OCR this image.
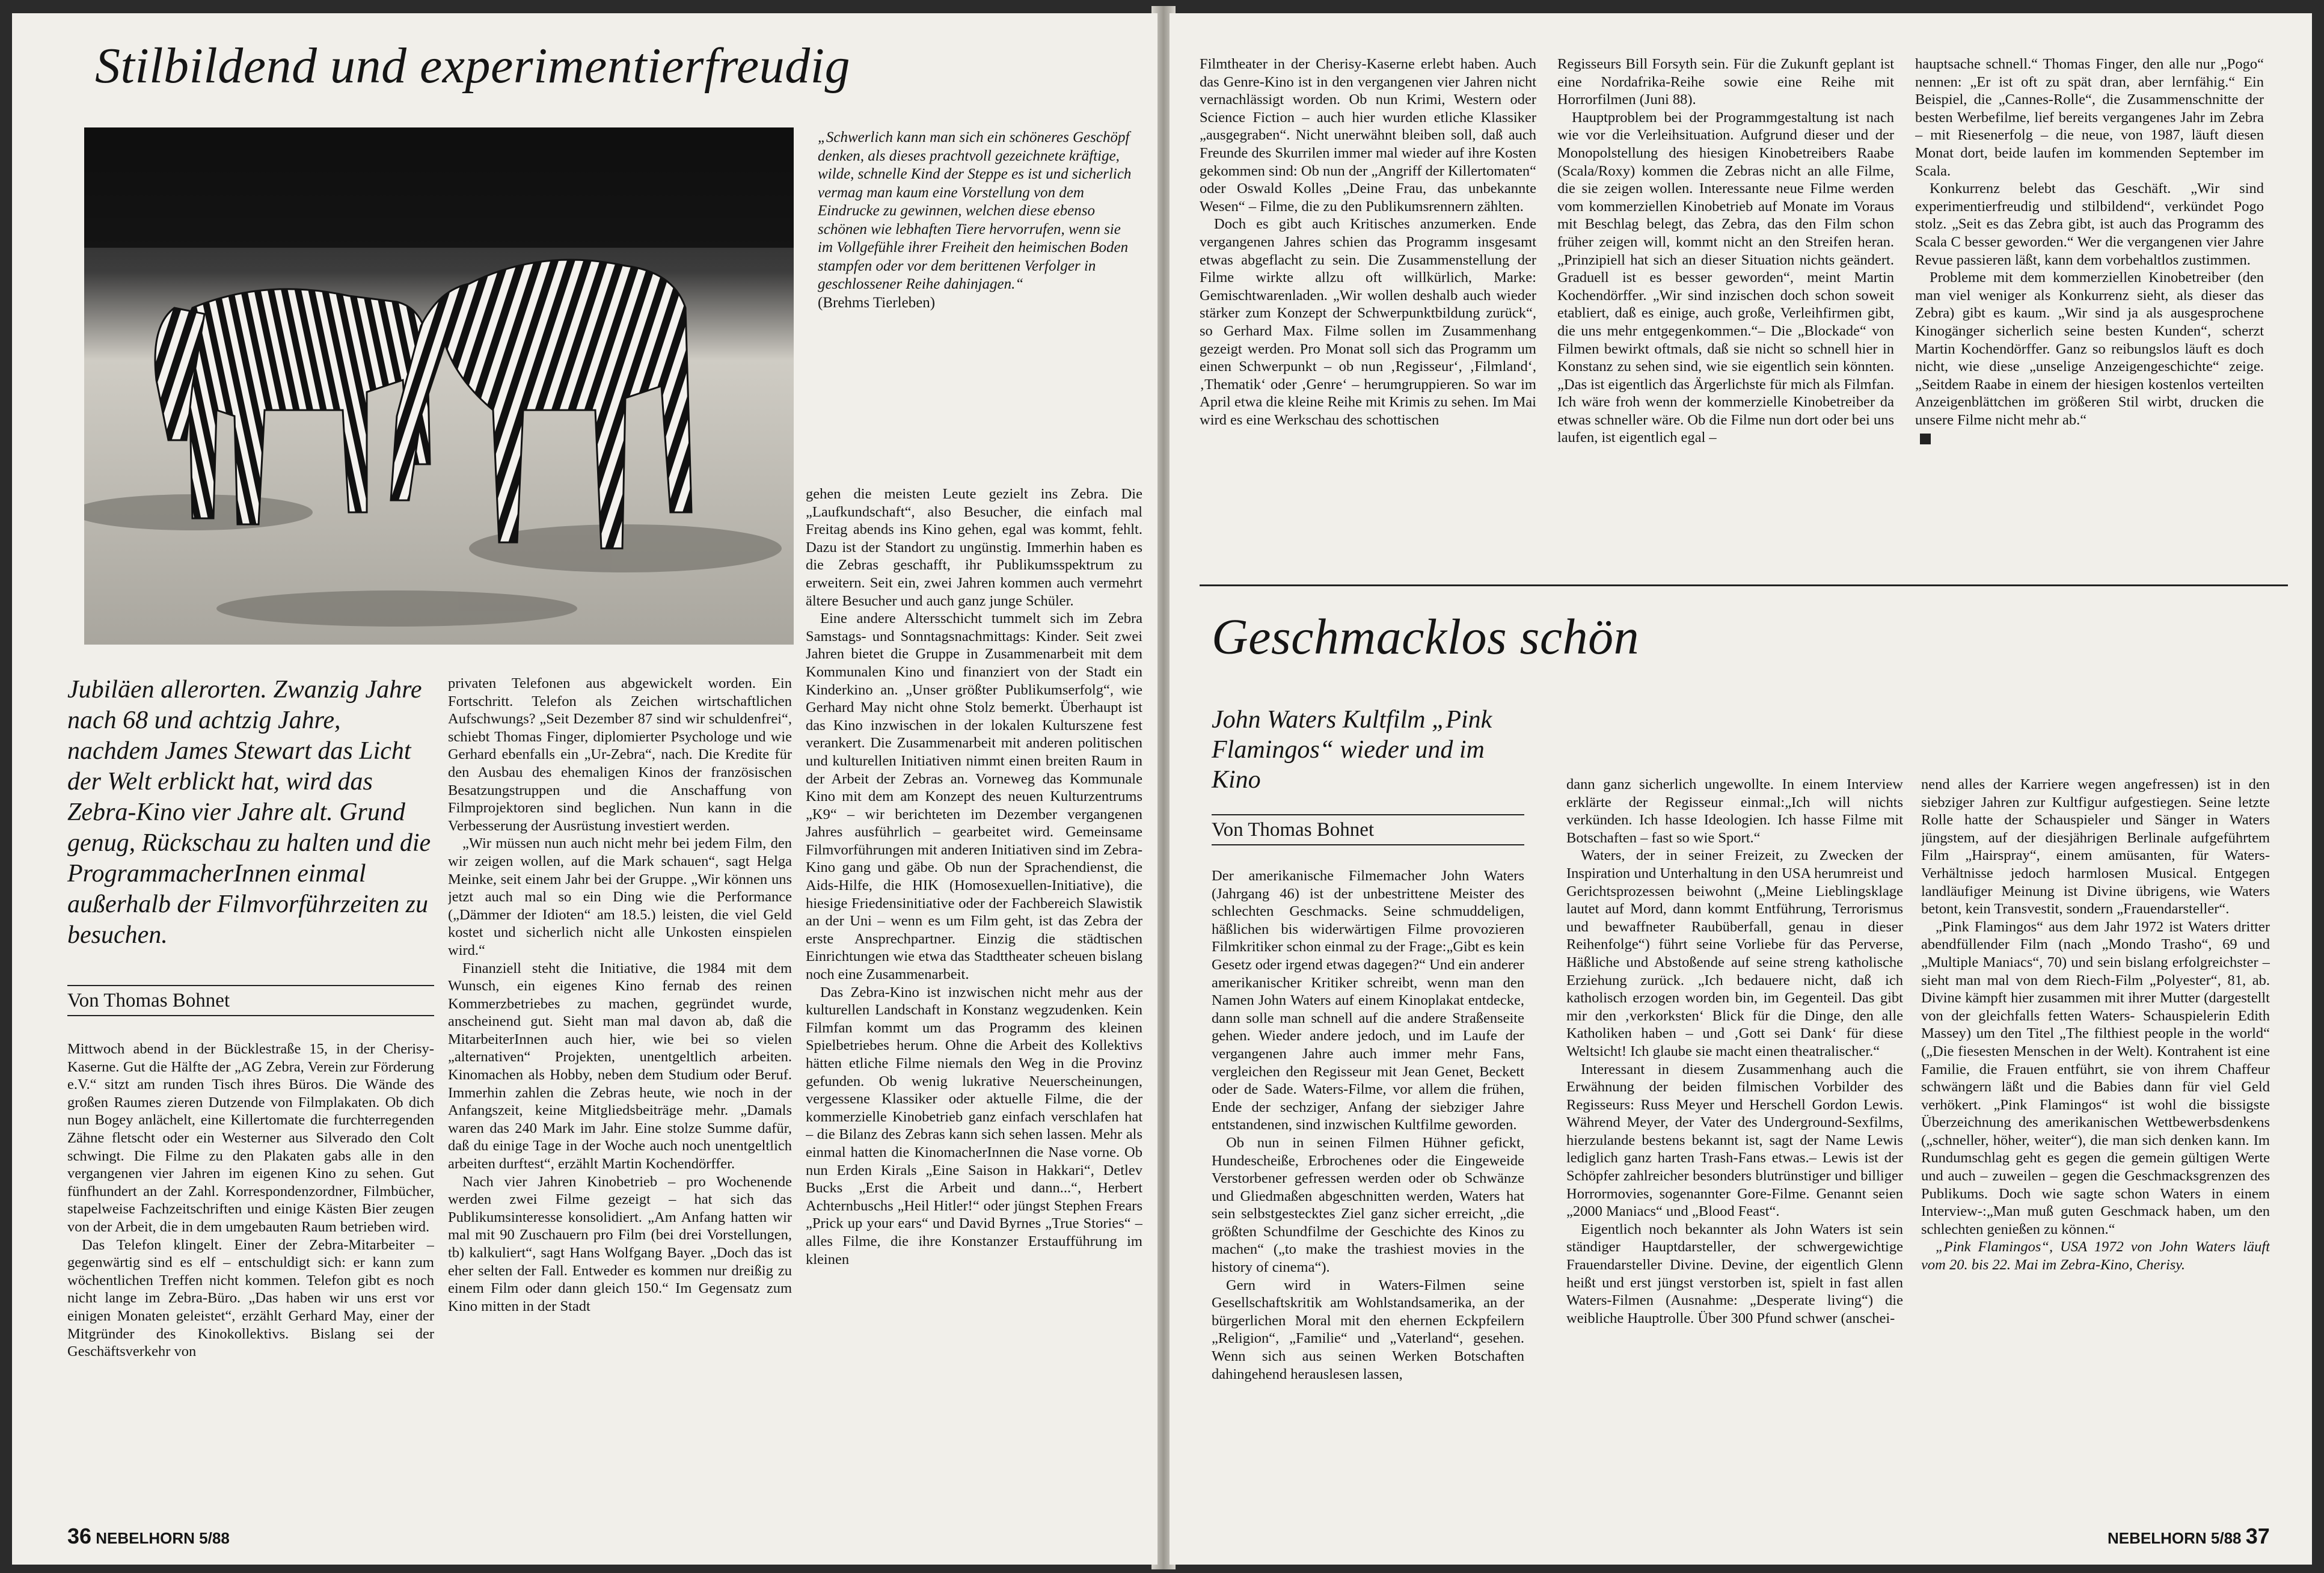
Stilbildend und experimentierfreudig
„Schwerlich kann man sich ein schöneres Geschöpf denken, als dieses prachtvoll gezeichnete kräftige, wilde, schnelle Kind der Steppe es ist und sicherlich vermag man kaum eine Vorstellung von dem Eindrucke zu gewinnen, welchen diese ebenso schönen wie lebhaften Tiere hervorrufen, wenn sie im Vollgefühle ihrer Freiheit den heimischen Boden stampfen oder vor dem berittenen Verfolger in geschlossener Reihe dahinjagen.“
(Brehms Tierleben)
Jubiläen allerorten. Zwanzig Jahre nach 68 und achtzig Jahre, nachdem James Stewart das Licht der Welt erblickt hat, wird das Zebra-Kino vier Jahre alt. Grund genug, Rückschau zu halten und die ProgrammacherInnen einmal außerhalb der Filmvorführzeiten zu besuchen.
Von Thomas Bohnet

Mittwoch abend in der Bücklestraße 15, in der Cherisy-Kaserne. Gut die Hälfte der „AG Zebra, Verein zur Förderung e.V.“ sitzt am runden Tisch ihres Büros. Die Wände des großen Raumes zieren Dutzende von Filmplakaten. Ob dich nun Bogey anlächelt, eine Killertomate die furchterregenden Zähne fletscht oder ein Westerner aus Silverado den Colt schwingt. Die Filme zu den Plakaten gabs alle in den vergangenen vier Jahren im eigenen Kino zu sehen. Gut fünfhundert an der Zahl. Korrespondenzordner, Filmbücher, stapelweise Fachzeitschriften und einige Kästen Bier zeugen von der Arbeit, die in dem umgebauten Raum betrieben wird.

Das Telefon klingelt. Einer der Zebra-Mitarbeiter – gegenwärtig sind es elf – entschuldigt sich: er kann zum wöchentlichen Treffen nicht kommen. Telefon gibt es noch nicht lange im Zebra-Büro. „Das haben wir uns erst vor einigen Monaten geleistet“, erzählt Gerhard May, einer der Mitgründer des Kinokollektivs. Bislang sei der Geschäftsverkehr von

privaten Telefonen aus abgewickelt worden. Ein Fortschritt. Telefon als Zeichen wirtschaftlichen Aufschwungs? „Seit Dezember 87 sind wir schuldenfrei“, schiebt Thomas Finger, diplomierter Psychologe und wie Gerhard ebenfalls ein „Ur-Zebra“, nach. Die Kredite für den Ausbau des ehemaligen Kinos der französischen Besatzungstruppen und die Anschaffung von Filmprojektoren sind beglichen. Nun kann in die Verbesserung der Ausrüstung investiert werden.

„Wir müssen nun auch nicht mehr bei jedem Film, den wir zeigen wollen, auf die Mark schauen“, sagt Helga Meinke, seit einem Jahr bei der Gruppe. „Wir können uns jetzt auch mal so ein Ding wie die Performance („Dämmer der Idioten“ am 18.5.) leisten, die viel Geld kostet und sicherlich nicht alle Unkosten einspielen wird.“

Finanziell steht die Initiative, die 1984 mit dem Wunsch, ein eigenes Kino fernab des reinen Kommerzbetriebes zu machen, gegründet wurde, anscheinend gut. Sieht man mal davon ab, daß die MitarbeiterInnen auch hier, wie bei so vielen „alternativen“ Projekten, unentgeltlich arbeiten. Kinomachen als Hobby, neben dem Studium oder Beruf. Immerhin zahlen die Zebras heute, wie noch in der Anfangszeit, keine Mitgliedsbeiträge mehr. „Damals waren das 240 Mark im Jahr. Eine stolze Summe dafür, daß du einige Tage in der Woche auch noch unentgeltlich arbeiten durftest“, erzählt Martin Kochendörffer.

Nach vier Jahren Kinobetrieb – pro Wochenende werden zwei Filme gezeigt – hat sich das Publikumsinteresse konsolidiert. „Am Anfang hatten wir mal mit 90 Zuschauern pro Film (bei drei Vorstellungen, tb) kalkuliert“, sagt Hans Wolfgang Bayer. „Doch das ist eher selten der Fall. Entweder es kommen nur dreißig zu einem Film oder dann gleich 150.“ Im Gegensatz zum Kino mitten in der Stadt

gehen die meisten Leute gezielt ins Zebra. Die „Laufkundschaft“, also Besucher, die einfach mal Freitag abends ins Kino gehen, egal was kommt, fehlt. Dazu ist der Standort zu ungünstig. Immerhin haben es die Zebras geschafft, ihr Publikumsspektrum zu erweitern. Seit ein, zwei Jahren kommen auch vermehrt ältere Besucher und auch ganz junge Schüler.

Eine andere Altersschicht tummelt sich im Zebra Samstags- und Sonntagsnachmittags: Kinder. Seit zwei Jahren bietet die Gruppe in Zusammenarbeit mit dem Kommunalen Kino und finanziert von der Stadt ein Kinderkino an. „Unser größter Publikumserfolg“, wie Gerhard May nicht ohne Stolz bemerkt. Überhaupt ist das Kino inzwischen in der lokalen Kulturszene fest verankert. Die Zusammenarbeit mit anderen politischen und kulturellen Initiativen nimmt einen breiten Raum in der Arbeit der Zebras an. Vorneweg das Kommunale Kino mit dem am Konzept des neuen Kulturzentrums „K9“ – wir berichteten im Dezember vergangenen Jahres ausführlich – gearbeitet wird. Gemeinsame Filmvorführungen mit anderen Initiativen sind im Zebra-Kino gang und gäbe. Ob nun der Sprachendienst, die Aids-Hilfe, die HIK (Homosexuellen-Initiative), die hiesige Friedensinitiative oder der Fachbereich Slawistik an der Uni – wenn es um Film geht, ist das Zebra der erste Ansprechpartner. Einzig die städtischen Einrichtungen wie etwa das Stadttheater scheuen bislang noch eine Zusammenarbeit.

Das Zebra-Kino ist inzwischen nicht mehr aus der kulturellen Landschaft in Konstanz wegzudenken. Kein Filmfan kommt um das Programm des kleinen Spielbetriebes herum. Ohne die Arbeit des Kollektivs hätten etliche Filme niemals den Weg in die Provinz gefunden. Ob wenig lukrative Neuerscheinungen, vergessene Klassiker oder aktuelle Filme, die der kommerzielle Kinobetrieb ganz einfach verschlafen hat – die Bilanz des Zebras kann sich sehen lassen. Mehr als einmal hatten die KinomacherInnen die Nase vorne. Ob nun Erden Kirals „Eine Saison in Hakkari“, Detlev Bucks „Erst die Arbeit und dann...“, Herbert Achternbuschs „Heil Hitler!“ oder jüngst Stephen Frears „Prick up your ears“ und David Byrnes „True Stories“ – alles Filme, die ihre Konstanzer Erstaufführung im kleinen

36 NEBELHORN 5/88

Filmtheater in der Cherisy-Kaserne erlebt haben. Auch das Genre-Kino ist in den vergangenen vier Jahren nicht vernachlässigt worden. Ob nun Krimi, Western oder Science Fiction – auch hier wurden etliche Klassiker „ausgegraben“. Nicht unerwähnt bleiben soll, daß auch Freunde des Skurrilen immer mal wieder auf ihre Kosten gekommen sind: Ob nun der „Angriff der Killertomaten“ oder Oswald Kolles „Deine Frau, das unbekannte Wesen“ – Filme, die zu den Publikumsrennern zählten.

Doch es gibt auch Kritisches anzumerken. Ende vergangenen Jahres schien das Programm insgesamt etwas abgeflacht zu sein. Die Zusammenstellung der Filme wirkte allzu oft willkürlich, Marke: Gemischtwarenladen. „Wir wollen deshalb auch wieder stärker zum Konzept der Schwerpunktbildung zurück“, so Gerhard Max. Filme sollen im Zusammenhang gezeigt werden. Pro Monat soll sich das Programm um einen Schwerpunkt – ob nun ‚Regisseur‘, ‚Filmland‘, ‚Thematik‘ oder ‚Genre‘ – herumgruppieren. So war im April etwa die kleine Reihe mit Krimis zu sehen. Im Mai wird es eine Werkschau des schottischen

Regisseurs Bill Forsyth sein. Für die Zukunft geplant ist eine Nordafrika-Reihe sowie eine Reihe mit Horrorfilmen (Juni 88).

Hauptproblem bei der Programmgestaltung ist nach wie vor die Verleihsituation. Aufgrund dieser und der Monopolstellung des hiesigen Kinobetreibers Raabe (Scala/Roxy) kommen die Zebras nicht an alle Filme, die sie zeigen wollen. Interessante neue Filme werden vom kommerziellen Kinobetrieb auf Monate im Voraus mit Beschlag belegt, das Zebra, das den Film schon früher zeigen will, kommt nicht an den Streifen heran. „Prinzipiell hat sich an dieser Situation nichts geändert. Graduell ist es besser geworden“, meint Martin Kochendörffer. „Wir sind inzischen doch schon soweit etabliert, daß es einige, auch große, Verleihfirmen gibt, die uns mehr entgegenkommen.“– Die „Blockade“ von Filmen bewirkt oftmals, daß sie nicht so schnell hier in Konstanz zu sehen sind, wie sie eigentlich sein könnten. „Das ist eigentlich das Ärgerlichste für mich als Filmfan. Ich wäre froh wenn der kommerzielle Kinobetreiber da etwas schneller wäre. Ob die Filme nun dort oder bei uns laufen, ist eigentlich egal –

hauptsache schnell.“ Thomas Finger, den alle nur „Pogo“ nennen: „Er ist oft zu spät dran, aber lernfähig.“ Ein Beispiel, die „Cannes-Rolle“, die Zusammenschnitte der besten Werbefilme, lief bereits vergangenes Jahr im Zebra – mit Riesenerfolg – die neue, von 1987, läuft diesen Monat dort, beide laufen im kommenden September im Scala.

Konkurrenz belebt das Geschäft. „Wir sind experimentierfreudig und stilbildend“, verkündet Pogo stolz. „Seit es das Zebra gibt, ist auch das Programm des Scala C besser geworden.“ Wer die vergangenen vier Jahre Revue passieren läßt, kann dem vorbehaltlos zustimmen.

Probleme mit dem kommerziellen Kinobetreiber (den man viel weniger als Konkurrenz sieht, als dieser das Zebra) gibt es kaum. „Wir sind ja als ausgesprochene Kinogänger sicherlich seine besten Kunden“, scherzt Martin Kochendörffer. Ganz so reibungslos läuft es doch nicht, wie diese „unselige Anzeigengeschichte“ zeige. „Seitdem Raabe in einem der hiesigen kostenlos verteilten Anzeigenblättchen im größeren Stil wirbt, drucken die unsere Filme nicht mehr ab.“

Geschmacklos schön
John Waters Kultfilm „Pink Flamingos“ wieder und im Kino
Von Thomas Bohnet

Der amerikanische Filmemacher John Waters (Jahrgang 46) ist der unbestrittene Meister des schlechten Geschmacks. Seine schmuddeligen, häßlichen bis widerwärtigen Filme provozieren Filmkritiker schon einmal zu der Frage:„Gibt es kein Gesetz oder irgend etwas dagegen?“ Und ein anderer amerikanischer Kritiker schreibt, wenn man den Namen John Waters auf einem Kinoplakat entdecke, dann solle man schnell auf die andere Straßenseite gehen. Wieder andere jedoch, und im Laufe der vergangenen Jahre auch immer mehr Fans, vergleichen den Regisseur mit Jean Genet, Beckett oder de Sade. Waters-Filme, vor allem die frühen, Ende der sechziger, Anfang der siebziger Jahre entstandenen, sind inzwischen Kultfilme geworden.

Ob nun in seinen Filmen Hühner gefickt, Hundescheiße, Erbrochenes oder die Eingeweide Verstorbener gefressen werden oder ob Schwänze und Gliedmaßen abgeschnitten werden, Waters hat sein selbstgestecktes Ziel ganz sicher erreicht, „die größten Schundfilme der Geschichte des Kinos zu machen“ („to make the trashiest movies in the history of cinema“).

Gern wird in Waters-Filmen seine Gesellschaftskritik am Wohlstandsamerika, an der bürgerlichen Moral mit den ehernen Eckpfeilern „Religion“, „Familie“ und „Vaterland“, gesehen. Wenn sich aus seinen Werken Botschaften dahingehend herauslesen lassen,

dann ganz sicherlich ungewollte. In einem Interview erklärte der Regisseur einmal:„Ich will nichts verkünden. Ich hasse Ideologien. Ich hasse Filme mit Botschaften – fast so wie Sport.“

Waters, der in seiner Freizeit, zu Zwecken der Inspiration und Unterhaltung in den USA herumreist und Gerichtsprozessen beiwohnt („Meine Lieblingsklage lautet auf Mord, dann kommt Entführung, Terrorismus und bewaffneter Raubüberfall, genau in dieser Reihenfolge“) führt seine Vorliebe für das Perverse, Häßliche und Abstoßende auf seine streng katholische Erziehung zurück. „Ich bedauere nicht, daß ich katholisch erzogen worden bin, im Gegenteil. Das gibt mir den ‚verkorksten‘ Blick für die Dinge, den alle Katholiken haben – und ‚Gott sei Dank‘ für diese Weltsicht! Ich glaube sie macht einen theatralischer.“

Interessant in diesem Zusammenhang auch die Erwähnung der beiden filmischen Vorbilder des Regisseurs: Russ Meyer und Herschell Gordon Lewis. Während Meyer, der Vater des Underground-Sexfilms, hierzulande bestens bekannt ist, sagt der Name Lewis lediglich ganz harten Trash-Fans etwas.– Lewis ist der Schöpfer zahlreicher besonders blutrünstiger und billiger Horrormovies, sogenannter Gore-Filme. Genannt seien „2000 Maniacs“ und „Blood Feast“.

Eigentlich noch bekannter als John Waters ist sein ständiger Hauptdarsteller, der schwergewichtige Frauendarsteller Divine. Devine, der eigentlich Glenn heißt und erst jüngst verstorben ist, spielt in fast allen Waters-Filmen (Ausnahme: „Desperate living“) die weibliche Hauptrolle. Über 300 Pfund schwer (anschei-

nend alles der Karriere wegen angefressen) ist in den siebziger Jahren zur Kultfigur aufgestiegen. Seine letzte Rolle hatte der Schauspieler und Sänger in Waters jüngstem, auf der diesjährigen Berlinale aufgeführtem Film „Hairspray“, einem amüsanten, für Waters-Verhältnisse jedoch harmlosen Musical. Entgegen landläufiger Meinung ist Divine übrigens, wie Waters betont, kein Transvestit, sondern „Frauendarsteller“.

„Pink Flamingos“ aus dem Jahr 1972 ist Waters dritter abendfüllender Film (nach „Mondo Trasho“, 69 und „Multiple Maniacs“, 70) und sein bislang erfolgreichster – sieht man mal von dem Riech-Film „Polyester“, 81, ab. Divine kämpft hier zusammen mit ihrer Mutter (dargestellt von der gleichfalls fetten Waters- Schauspielerin Edith Massey) um den Titel „The filthiest people in the world“ („Die fiesesten Menschen in der Welt). Kontrahent ist eine Familie, die Frauen entführt, sie von ihrem Chaffeur schwängern läßt und die Babies dann für viel Geld verhökert. „Pink Flamingos“ ist wohl die bissigste Überzeichnung des amerikanischen Wettbewerbsdenkens („schneller, höher, weiter“), die man sich denken kann. Im Rundumschlag geht es gegen die gemein gültigen Werte und auch – zuweilen – gegen die Geschmacksgrenzen des Publikums. Doch wie sagte schon Waters in einem Interview-:„Man muß guten Geschmack haben, um den schlechten genießen zu können.“

„Pink Flamingos“, USA 1972 von John Waters läuft vom 20. bis 22. Mai im Zebra-Kino, Cherisy.

NEBELHORN 5/88 37
